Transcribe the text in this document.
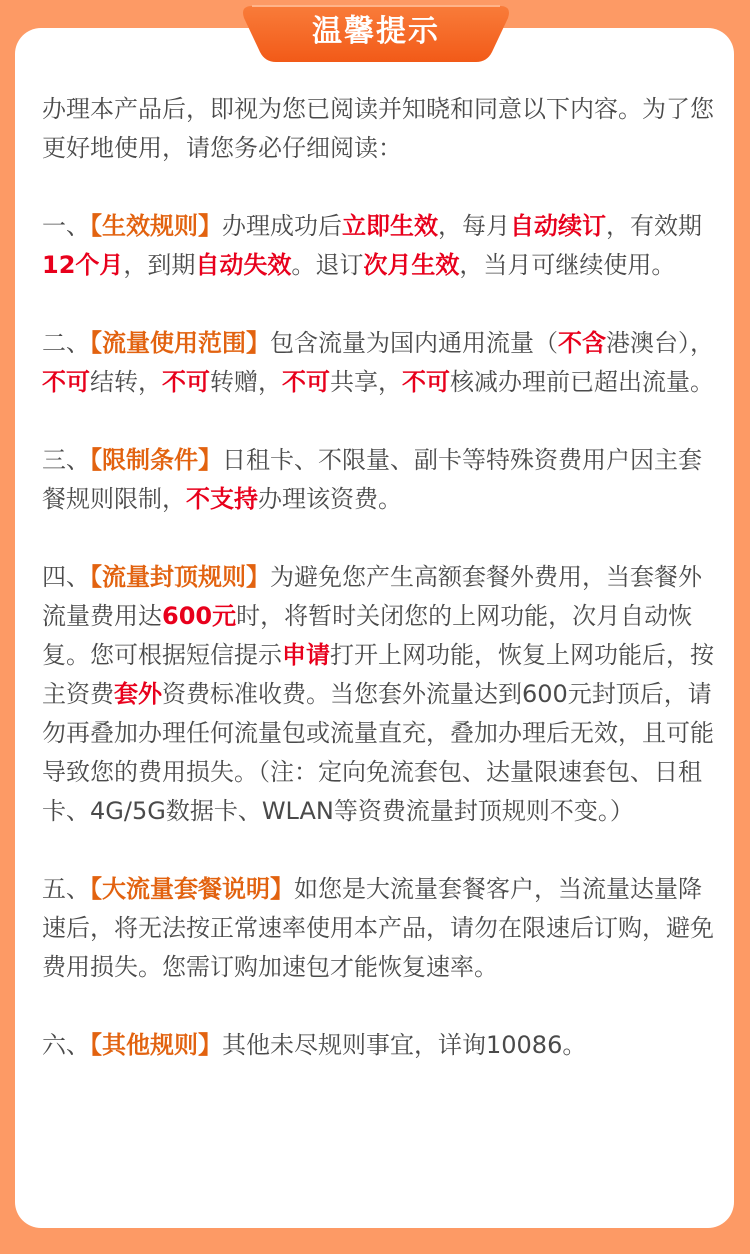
温馨提示

办理本产品后，即视为您已阅读并知晓和同意以下内容。为了您更好地使用，请您务必仔细阅读：

一、【生效规则】办理成功后立即生效，每月自动续订，有效期12个月，到期自动失效。退订次月生效，当月可继续使用。

二、【流量使用范围】包含流量为国内通用流量（不含港澳台），不可结转，不可转赠，不可共享，不可核减办理前已超出流量。

三、【限制条件】日租卡、不限量、副卡等特殊资费用户因主套餐规则限制，不支持办理该资费。

四、【流量封顶规则】为避免您产生高额套餐外费用，当套餐外流量费用达600元时，将暂时关闭您的上网功能，次月自动恢复。您可根据短信提示申请打开上网功能，恢复上网功能后，按主资费套外资费标准收费。当您套外流量达到600元封顶后，请勿再叠加办理任何流量包或流量直充，叠加办理后无效，且可能导致您的费用损失。（注：定向免流套包、达量限速套包、日租卡、4G/5G数据卡、WLAN等资费流量封顶规则不变。）

五、【大流量套餐说明】如您是大流量套餐客户，当流量达量降速后，将无法按正常速率使用本产品，请勿在限速后订购，避免费用损失。您需订购加速包才能恢复速率。

六、【其他规则】其他未尽规则事宜，详询10086。
